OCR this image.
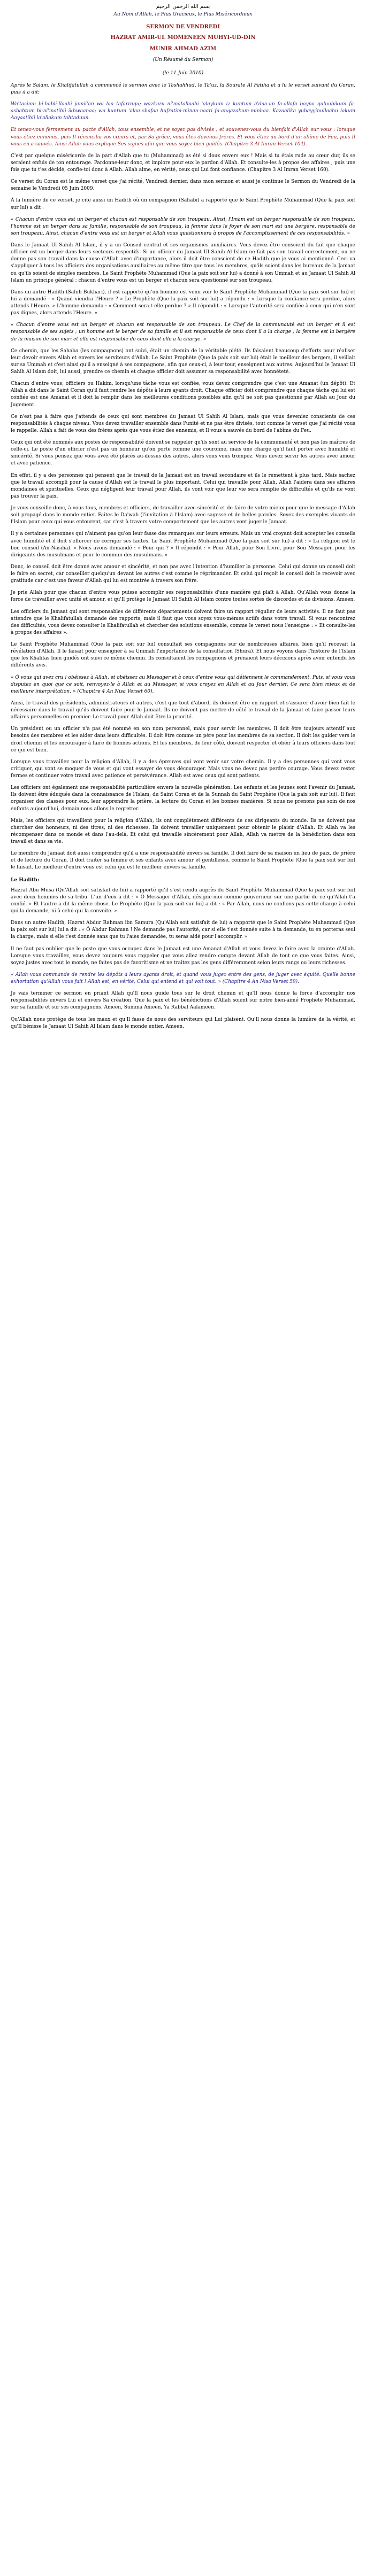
بسم الله الرحمن الرحيم
Au Nom d'Allah, le Plus Gracieux, le Plus Miséricordieux
SERMON DE VENDREDI
HAZRAT AMIR-UL MOMENEEN MUHYI-UD-DIN
MUNIR AHMAD AZIM
(Un Résumé du Sermon)
(le 11 Juin 2010)

Après le Salam, le Khalifatullah a commencé le sermon avec le Tashahhud, le Ta'uz, la Sourate Al Fatiha et a lu le verset suivant du Coran, puis il a dit:

Wa'tasimu bi-habli-llaahi jamii'an wa laa tafarraqu; wazkuru ni'matallaahi 'alaykum iz kuntum a'daa-an fa-allafa bayna quluubikum fa-asbahtum bi-ni'matihii ikhwaanaa; wa kuntum 'alaa shafaa hufratim-minan-naari fa-anqazakum-minhaa. Kazaalika yubayyinullaahu lakum Aayaatihii la'allakum tahtaduun.

Et tenez-vous fermement au pacte d'Allah, tous ensemble, et ne soyez pas divisés ; et souvenez-vous du bienfait d'Allah sur vous : lorsque vous étiez ennemis, puis Il réconcilia vos cœurs et, par Sa grâce, vous êtes devenus frères. Et vous étiez au bord d'un abîme de Feu, puis Il vous en a sauvés. Ainsi Allah vous explique Ses signes afin que vous soyez bien guidés. (Chapitre 3 Al Imran Verset 104).

C'est par quelque miséricorde de la part d'Allah que tu (Muhammad) as été si doux envers eux ! Mais si tu étais rude au cœur dur, ils se seraient enfuis de ton entourage. Pardonne-leur donc, et implore pour eux le pardon d'Allah. Et consulte-les à propos des affaires ; puis une fois que tu t'es décidé, confie-toi donc à Allah. Allah aime, en vérité, ceux qui Lui font confiance. (Chapitre 3 Al Imran Verset 160).

Ce verset du Coran est le même verset que j'ai récité, Vendredi dernier, dans mon sermon et aussi je continue le Sermon du Vendredi de la semaine le Vendredi 05 Juin 2009.

À la lumière de ce verset, je cite aussi un Hadith où un compagnon (Sahabi) a rapporté que le Saint Prophète Muhammad (Que la paix soit sur lui) a dit :

« Chacun d'entre vous est un berger et chacun est responsable de son troupeau. Ainsi, l'Imam est un berger responsable de son troupeau, l'homme est un berger dans sa famille, responsable de son troupeau, la femme dans le foyer de son mari est une bergère, responsable de son troupeau. Ainsi, chacun d'entre vous est un berger et Allah vous questionnera à propos de l'accomplissement de ces responsabilités. »

Dans le Jamaat Ul Sahih Al Islam, il y a un Conseil central et ses organismes auxiliaires. Vous devez être conscient du fait que chaque officier est un berger dans leurs secteurs respectifs. Si un officier du Jamaat Ul Sahih Al Islam ne fait pas son travail correctement, ou ne donne pas son travail dans la cause d'Allah avec d'importance, alors il doit être conscient de ce Hadith que je vous ai mentionné. Ceci va s'appliquer à tous les officiers des organisations auxiliaires au même titre que tous les membres, qu'ils soient dans les bureaux de la Jamaat ou qu'ils soient de simples membres. Le Saint Prophète Muhammad (Que la paix soit sur lui) a donné à son Ummah et au Jamaat Ul Sahih Al Islam un principe général : chacun d'entre vous est un berger et chacun sera questionné sur son troupeau.

Dans un autre Hadith (Sahih Bukhari), il est rapporté qu'un homme est venu voir le Saint Prophète Muhammad (Que la paix soit sur lui) et lui a demandé : « Quand viendra l'Heure ? » Le Prophète (Que la paix soit sur lui) a répondu : « Lorsque la confiance sera perdue, alors attends l'Heure. » L'homme demanda : « Comment sera-t-elle perdue ? » Il répondit : « Lorsque l'autorité sera confiée à ceux qui n'en sont pas dignes, alors attends l'Heure. »

« Chacun d'entre vous est un berger et chacun est responsable de son troupeau. Le Chef de la communauté est un berger et il est responsable de ses sujets ; un homme est le berger de sa famille et il est responsable de ceux dont il a la charge ; la femme est la bergère de la maison de son mari et elle est responsable de ceux dont elle a la charge. »

Ce chemin, que les Sahaba (les compagnons) ont suivi, était un chemin de la véritable piété. Ils faisaient beaucoup d'efforts pour réaliser leur devoir envers Allah et envers les serviteurs d'Allah. Le Saint Prophète (Que la paix soit sur lui) était le meilleur des bergers, il veillait sur sa Ummah et c'est ainsi qu'il a enseigné à ses compagnons, afin que ceux-ci, à leur tour, enseignent aux autres. Aujourd'hui le Jamaat Ul Sahih Al Islam doit, lui aussi, prendre ce chemin et chaque officier doit assumer sa responsabilité avec honnêteté.

Chacun d'entre vous, officiers ou Hakim, lorsqu'une tâche vous est confiée, vous devez comprendre que c'est une Amanat (un dépôt). Et Allah a dit dans le Saint Coran qu'il faut rendre les dépôts à leurs ayants droit. Chaque officier doit comprendre que chaque tâche qui lui est confiée est une Amanat et il doit la remplir dans les meilleures conditions possibles afin qu'il ne soit pas questionné par Allah au Jour du Jugement.

Ce n'est pas à faire que j'attends de ceux qui sont membres du Jamaat Ul Sahih Al Islam, mais que vous deveniez conscients de ces responsabilités à chaque niveau. Vous devez travailler ensemble dans l'unité et ne pas être divisés, tout comme le verset que j'ai récité vous le rappelle. Allah a fait de vous des frères après que vous étiez des ennemis, et Il vous a sauvés du bord de l'abîme du Feu.

Ceux qui ont été nommés aux postes de responsabilité doivent se rappeler qu'ils sont au service de la communauté et non pas les maîtres de celle-ci. Le poste d'un officier n'est pas un honneur qu'on porte comme une couronne, mais une charge qu'il faut porter avec humilité et sincérité. Si vous pensez que vous avez été placés au-dessus des autres, alors vous vous trompez. Vous devez servir les autres avec amour et avec patience.

En effet, il y a des personnes qui pensent que le travail de la Jamaat est un travail secondaire et ils le remettent à plus tard. Mais sachez que le travail accompli pour la cause d'Allah est le travail le plus important. Celui qui travaille pour Allah, Allah l'aidera dans ses affaires mondaines et spirituelles. Ceux qui négligent leur travail pour Allah, ils vont voir que leur vie sera remplie de difficultés et qu'ils ne vont pas trouver la paix.

Je vous conseille donc, à vous tous, membres et officiers, de travailler avec sincérité et de faire de votre mieux pour que le message d'Allah soit propagé dans le monde entier. Faites le Da'wah (l'invitation à l'Islam) avec sagesse et de belles paroles. Soyez des exemples vivants de l'Islam pour ceux qui vous entourent, car c'est à travers votre comportement que les autres vont juger le Jamaat.

Il y a certaines personnes qui n'aiment pas qu'on leur fasse des remarques sur leurs erreurs. Mais un vrai croyant doit accepter les conseils avec humilité et il doit s'efforcer de corriger ses fautes. Le Saint Prophète Muhammad (Que la paix soit sur lui) a dit : « La religion est le bon conseil (An-Nasiha). » Nous avons demandé : « Pour qui ? » Il répondit : « Pour Allah, pour Son Livre, pour Son Messager, pour les dirigeants des musulmans et pour le commun des musulmans. »

Donc, le conseil doit être donné avec amour et sincérité, et non pas avec l'intention d'humilier la personne. Celui qui donne un conseil doit le faire en secret, car conseiller quelqu'un devant les autres c'est comme le réprimander. Et celui qui reçoit le conseil doit le recevoir avec gratitude car c'est une faveur d'Allah qui lui est montrée à travers son frère.

Je prie Allah pour que chacun d'entre vous puisse accomplir ses responsabilités d'une manière qui plaît à Allah. Qu'Allah vous donne la force de travailler avec unité et amour, et qu'Il protège le Jamaat Ul Sahih Al Islam contre toutes sortes de discordes et de divisions. Ameen.

Les officiers du Jamaat qui sont responsables de différents départements doivent faire un rapport régulier de leurs activités. Il ne faut pas attendre que le Khalifatullah demande des rapports, mais il faut que vous soyez vous-mêmes actifs dans votre travail. Si vous rencontrez des difficultés, vous devez consulter le Khalifatullah et chercher des solutions ensemble, comme le verset nous l'enseigne : « Et consulte-les à propos des affaires ».

Le Saint Prophète Muhammad (Que la paix soit sur lui) consultait ses compagnons sur de nombreuses affaires, bien qu'il recevait la révélation d'Allah. Il le faisait pour enseigner à sa Ummah l'importance de la consultation (Shura). Et nous voyons dans l'histoire de l'Islam que les Khalifas bien guidés ont suivi ce même chemin. Ils consultaient les compagnons et prenaient leurs décisions après avoir entendu les différents avis.

« Ô vous qui avez cru ! obéissez à Allah, et obéissez au Messager et à ceux d'entre vous qui détiennent le commandement. Puis, si vous vous disputez en quoi que ce soit, renvoyez-le à Allah et au Messager, si vous croyez en Allah et au Jour dernier. Ce sera bien mieux et de meilleure interprétation. » (Chapitre 4 An Nisa Verset 60).

Ainsi, le travail des présidents, administrateurs et autres, c'est que tout d'abord, ils doivent être en rapport et s'assurer d'avoir bien fait le nécessaire dans le travail qu'ils doivent faire pour le Jamaat. Ils ne doivent pas mettre de côté le travail de la Jamaat et faire passer leurs affaires personnelles en premier. Le travail pour Allah doit être la priorité.

Un président ou un officier n'a pas été nommé en son nom personnel, mais pour servir les membres. Il doit être toujours attentif aux besoins des membres et les aider dans leurs difficultés. Il doit être comme un père pour les membres de sa section. Il doit les guider vers le droit chemin et les encourager à faire de bonnes actions. Et les membres, de leur côté, doivent respecter et obéir à leurs officiers dans tout ce qui est bien.

Lorsque vous travaillez pour la religion d'Allah, il y a des épreuves qui vont venir sur votre chemin. Il y a des personnes qui vont vous critiquer, qui vont se moquer de vous et qui vont essayer de vous décourager. Mais vous ne devez pas perdre courage. Vous devez rester fermes et continuer votre travail avec patience et persévérance. Allah est avec ceux qui sont patients.

Les officiers ont également une responsabilité particulière envers la nouvelle génération. Les enfants et les jeunes sont l'avenir du Jamaat. Ils doivent être éduqués dans la connaissance de l'Islam, du Saint Coran et de la Sunnah du Saint Prophète (Que la paix soit sur lui). Il faut organiser des classes pour eux, leur apprendre la prière, la lecture du Coran et les bonnes manières. Si nous ne prenons pas soin de nos enfants aujourd'hui, demain nous allons le regretter.

Mais, les officiers qui travaillent pour la religion d'Allah, ils ont complètement différents de ces dirigeants du monde. Ils ne doivent pas chercher des honneurs, ni des titres, ni des richesses. Ils doivent travailler uniquement pour obtenir le plaisir d'Allah. Et Allah va les récompenser dans ce monde et dans l'au-delà. Et celui qui travaille sincèrement pour Allah, Allah va mettre de la bénédiction dans son travail et dans sa vie.

Le membre du Jamaat doit aussi comprendre qu'il a une responsabilité envers sa famille. Il doit faire de sa maison un lieu de paix, de prière et de lecture du Coran. Il doit traiter sa femme et ses enfants avec amour et gentillesse, comme le Saint Prophète (Que la paix soit sur lui) le faisait. Le meilleur d'entre vous est celui qui est le meilleur envers sa famille.

Le Hadith:

Hazrat Abu Musa (Qu'Allah soit satisfait de lui) a rapporté qu'il s'est rendu auprès du Saint Prophète Muhammad (Que la paix soit sur lui) avec deux hommes de sa tribu. L'un d'eux a dit : « Ô Messager d'Allah, désigne-moi comme gouverneur sur une partie de ce qu'Allah t'a confié. » Et l'autre a dit la même chose. Le Prophète (Que la paix soit sur lui) a dit : « Par Allah, nous ne confions pas cette charge à celui qui la demande, ni à celui qui la convoite. »

Dans un autre Hadith, Hazrat Abdur Rahman ibn Samura (Qu'Allah soit satisfait de lui) a rapporté que le Saint Prophète Muhammad (Que la paix soit sur lui) lui a dit : « Ô Abdur Rahman ! Ne demande pas l'autorité, car si elle t'est donnée suite à ta demande, tu en porteras seul la charge, mais si elle t'est donnée sans que tu l'aies demandée, tu seras aidé pour l'accomplir. »

Il ne faut pas oublier que le poste que vous occupez dans le Jamaat est une Amanat d'Allah et vous devez le faire avec la crainte d'Allah. Lorsque vous travaillez, vous devez toujours vous rappeler que vous allez rendre compte devant Allah de tout ce que vous faites. Ainsi, soyez justes avec tout le monde, ne faites pas de favoritisme et ne traitez pas les gens différemment selon leurs rangs ou leurs richesses.

« Allah vous commande de rendre les dépôts à leurs ayants droit, et quand vous jugez entre des gens, de juger avec équité. Quelle bonne exhortation qu'Allah vous fait ! Allah est, en vérité, Celui qui entend et qui voit tout. » (Chapitre 4 An Nisa Verset 59).

Je vais terminer ce sermon en priant Allah qu'Il nous guide tous sur le droit chemin et qu'Il nous donne la force d'accomplir nos responsabilités envers Lui et envers Sa création. Que la paix et les bénédictions d'Allah soient sur notre bien-aimé Prophète Muhammad, sur sa famille et sur ses compagnons. Ameen, Summa Ameen, Ya Rabbal Aalameen.

Qu'Allah nous protège de tous les maux et qu'Il fasse de nous des serviteurs qui Lui plaisent. Qu'Il nous donne la lumière de la vérité, et qu'Il bénisse le Jamaat Ul Sahih Al Islam dans le monde entier. Ameen.
